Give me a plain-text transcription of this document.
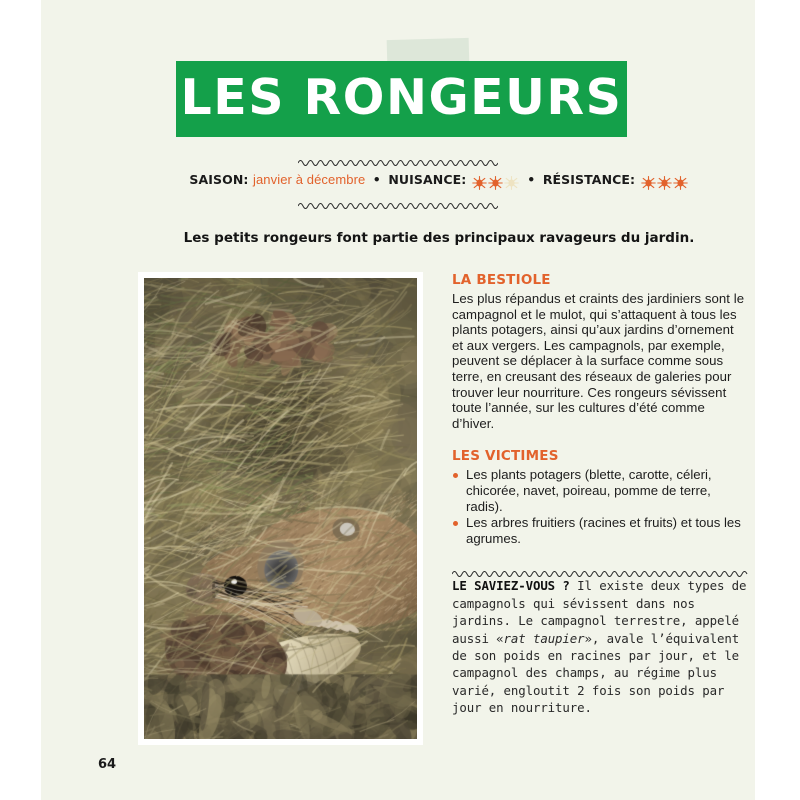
LES RONGEURS
SAISON: janvier à décembre • NUISANCE:	• RÉSISTANCE:
Les petits rongeurs font partie des principaux ravageurs du jardin.
LA BESTIOLE

Les plus répandus et craints des jardiniers sont le campagnol et le mulot, qui s’attaquent à tous les plants potagers, ainsi qu’aux jardins d’ornement et aux vergers. Les campagnols, par exemple, peuvent se déplacer à la surface comme sous terre, en creusant des réseaux de galeries pour trouver leur nourriture. Ces rongeurs sévissent toute l’année, sur les cultures d’été comme d’hiver.

LES VICTIMES
Les plants potagers (blette, carotte, céleri, chicorée, navet, poireau, pomme de terre, radis).
Les arbres fruitiers (racines et fruits) et tous les agrumes.

LE SAVIEZ-VOUS ? Il existe deux types de campagnols qui sévissent dans nos jardins. Le campagnol terrestre, appelé aussi «rat taupier», avale l’équivalent de son poids en racines par jour, et le campagnol des champs, au régime plus varié, engloutit 2 fois son poids par jour en nourriture.

64
